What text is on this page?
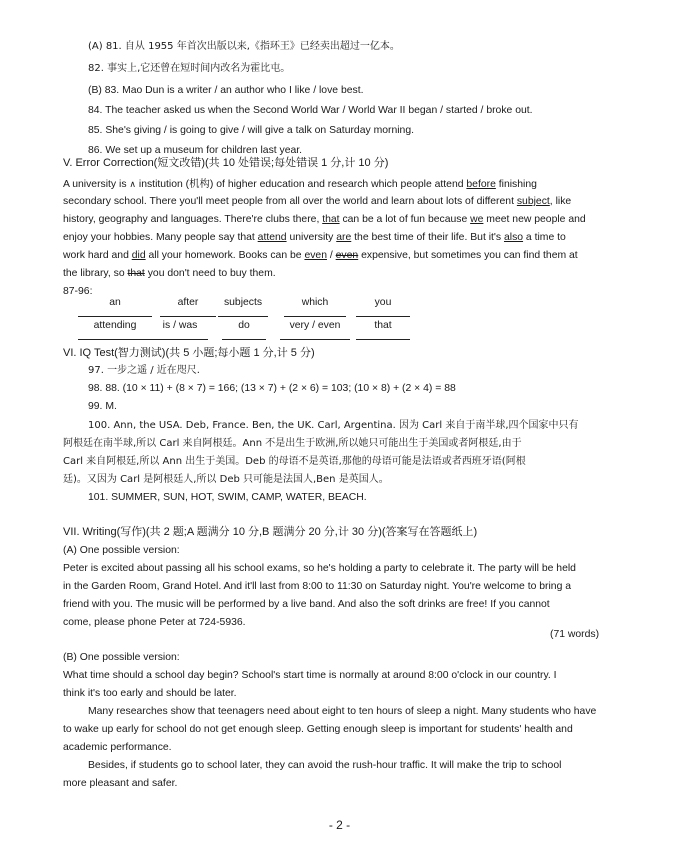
(A) 81. 自从 1955 年首次出版以来,《指环王》已经卖出超过一亿本。
82. 事实上,它还曾在短时间内改名为霍比屯。
(B) 83. Mao Dun is a writer / an author who I like / love best.
84. The teacher asked us when the Second World War / World War II began / started / broke out.
85. She's giving / is going to give / will give a talk on Saturday morning.
86. We set up a museum for children last year.
V. Error Correction(短文改错)(共 10 处错误;每处错误 1 分,计 10 分)
A university is ∧ institution (机构) of higher education and research which people attend before finishing
secondary school. There you'll meet people from all over the world and learn about lots of different subject, like
history, geography and languages. There're clubs there, that can be a lot of fun because we meet new people and
enjoy your hobbies. Many people say that attend university are the best time of their life. But it's also a time to
work hard and did all your homework. Books can be even / even expensive, but sometimes you can find them at
the library, so that you don't need to buy them.
87-96:
an	after	subjects	which	you
attending	is / was	do	very / even	that
VI. IQ Test(智力测试)(共 5 小题;每小题 1 分,计 5 分)
97. 一步之遥 / 近在咫尺.
98. 88. (10 × 11) + (8 × 7) = 166; (13 × 7) + (2 × 6) = 103; (10 × 8) + (2 × 4) = 88
99. M.
100. Ann, the USA. Deb, France. Ben, the UK. Carl, Argentina. 因为 Carl 来自于南半球,四个国家中只有
阿根廷在南半球,所以 Carl 来自阿根廷。Ann 不是出生于欧洲,所以她只可能出生于美国或者阿根廷,由于
Carl 来自阿根廷,所以 Ann 出生于美国。Deb 的母语不是英语,那他的母语可能是法语或者西班牙语(阿根
廷)。又因为 Carl 是阿根廷人,所以 Deb 只可能是法国人,Ben 是英国人。
101. SUMMER, SUN, HOT, SWIM, CAMP, WATER, BEACH.
VII. Writing(写作)(共 2 题;A 题满分 10 分,B 题满分 20 分,计 30 分)(答案写在答题纸上)
(A) One possible version:
Peter is excited about passing all his school exams, so he's holding a party to celebrate it. The party will be held
in the Garden Room, Grand Hotel. And it'll last from 8:00 to 11:30 on Saturday night. You're welcome to bring a
friend with you. The music will be performed by a live band. And also the soft drinks are free! If you cannot
come, please phone Peter at 724-5936.
(71 words)
(B) One possible version:
What time should a school day begin? School's start time is normally at around 8:00 o'clock in our country. I
think it's too early and should be later.
Many researches show that teenagers need about eight to ten hours of sleep a night. Many students who have
to wake up early for school do not get enough sleep. Getting enough sleep is important for students' health and
academic performance.
Besides, if students go to school later, they can avoid the rush-hour traffic. It will make the trip to school
more pleasant and safer.
- 2 -
